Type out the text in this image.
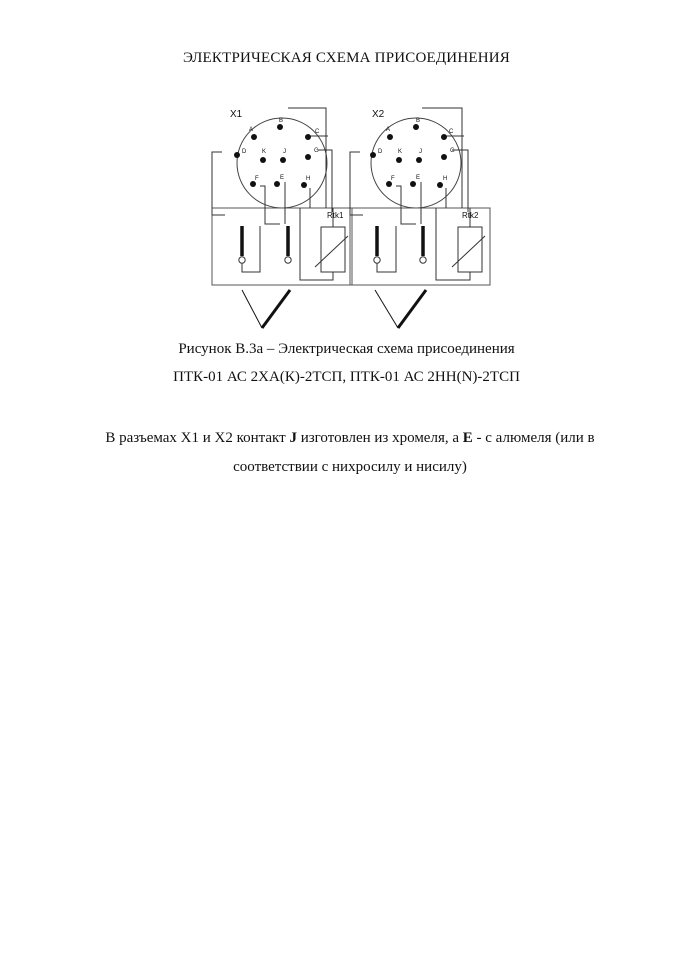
ЭЛЕКТРИЧЕСКАЯ СХЕМА ПРИСОЕДИНЕНИЯ
X1
Rtk1
A
B
C
D	K	J	G
F	E	H
X2
Rtk2
A
B
C
D	K	J	G
F	E	H
Рисунок В.3а – Электрическая схема присоединения
ПТК-01 АС 2ХА(К)-2ТСП, ПТК-01 АС 2НН(N)-2ТСП
В разъемах X1 и X2 контакт J изготовлен из хромеля, а E - с алюмеля (или в соответствии с нихросилу и нисилу)
